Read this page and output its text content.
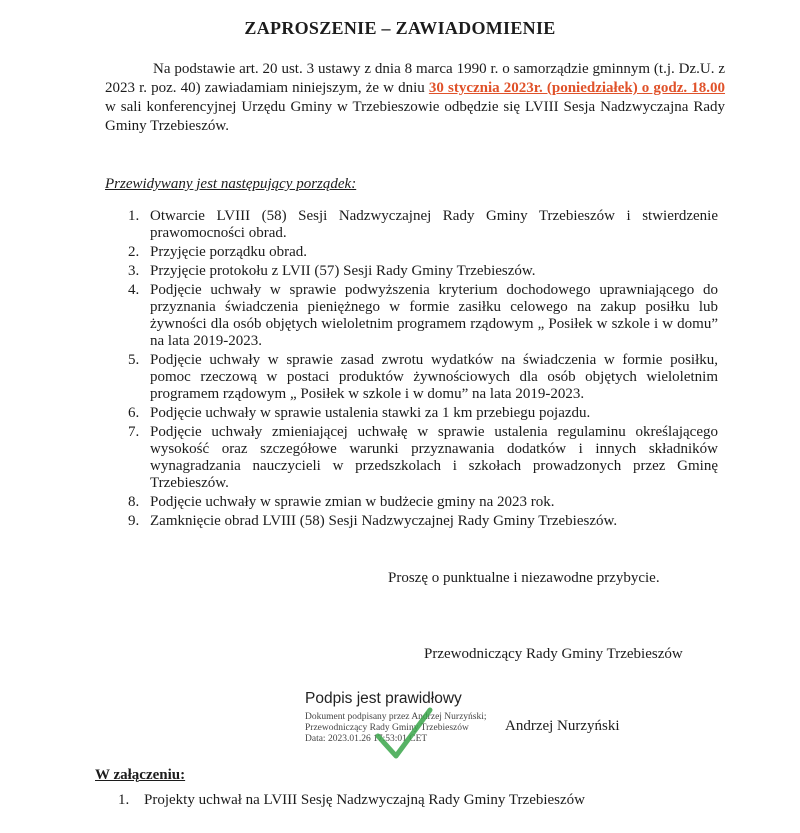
ZAPROSZENIE – ZAWIADOMIENIE
Na podstawie art. 20 ust. 3 ustawy z dnia 8 marca 1990 r. o samorządzie gminnym (t.j. Dz.U. z 2023 r. poz. 40) zawiadamiam niniejszym, że w dniu 30 stycznia 2023r. (poniedziałek) o godz. 18.00 w sali konferencyjnej Urzędu Gminy w Trzebieszowie odbędzie się LVIII Sesja Nadzwyczajna Rady Gminy Trzebieszów.
Przewidywany jest następujący porządek:
1. Otwarcie LVIII (58) Sesji Nadzwyczajnej Rady Gminy Trzebieszów i stwierdzenie prawomocności obrad.
2. Przyjęcie porządku obrad.
3. Przyjęcie protokołu z LVII (57) Sesji Rady Gminy Trzebieszów.
4. Podjęcie uchwały w sprawie podwyższenia kryterium dochodowego uprawniającego do przyznania świadczenia pieniężnego w formie zasiłku celowego na zakup posiłku lub żywności dla osób objętych wieloletnim programem rządowym „ Posiłek w szkole i w domu” na lata 2019-2023.
5. Podjęcie uchwały w sprawie zasad zwrotu wydatków na świadczenia w formie posiłku, pomoc rzeczową w postaci produktów żywnościowych dla osób objętych wieloletnim programem rządowym „ Posiłek w szkole i w domu” na lata 2019-2023.
6. Podjęcie uchwały w sprawie ustalenia stawki za 1 km przebiegu pojazdu.
7. Podjęcie uchwały zmieniającej uchwałę w sprawie ustalenia regulaminu określającego wysokość oraz szczegółowe warunki przyznawania dodatków i innych składników wynagradzania nauczycieli w przedszkolach i szkołach prowadzonych przez Gminę Trzebieszów.
8. Podjęcie uchwały w sprawie zmian w budżecie gminy na 2023 rok.
9. Zamknięcie obrad LVIII (58) Sesji Nadzwyczajnej Rady Gminy Trzebieszów.
Proszę o punktualne i niezawodne przybycie.
Przewodniczący Rady Gminy Trzebieszów
Podpis jest prawidłowy
Dokument podpisany przez Andrzej Nurzyński; Przewodniczący Rady Gminy Trzebieszów
Data: 2023.01.26 17:53:01 CET
Andrzej Nurzyński
W załączeniu:
1. Projekty uchwał na LVIII Sesję Nadzwyczajną Rady Gminy Trzebieszów
